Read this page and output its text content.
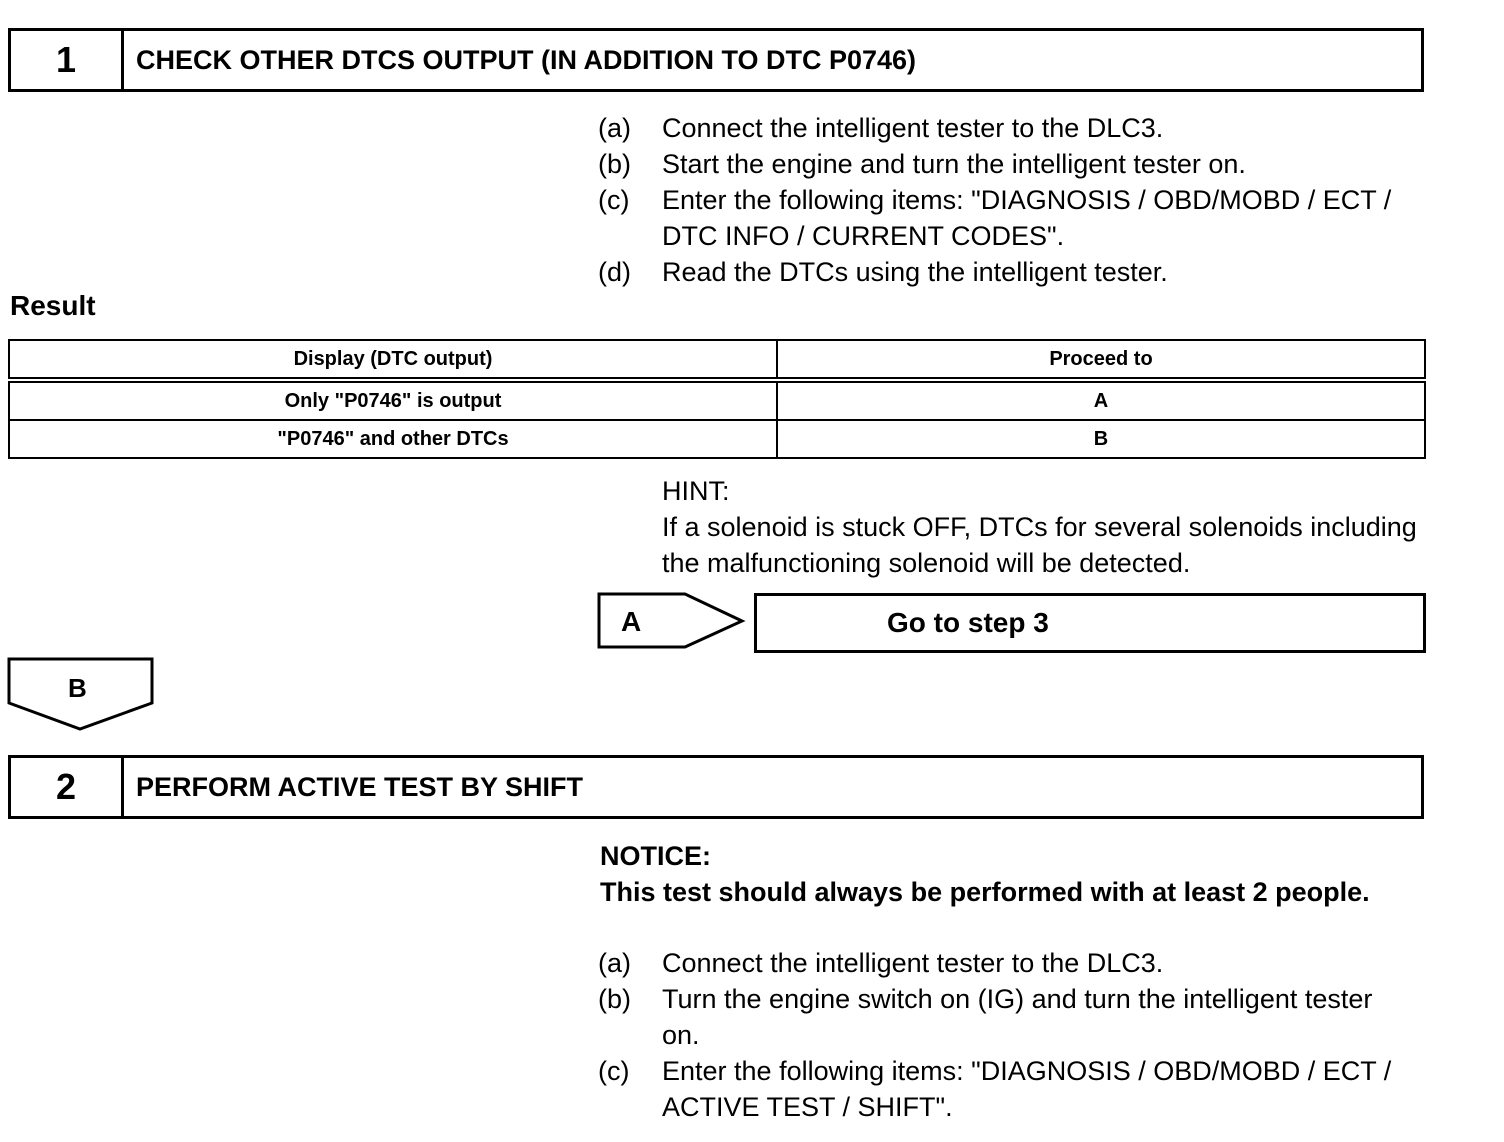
1	CHECK OTHER DTCS OUTPUT (IN ADDITION TO DTC P0746)
(a)	Connect the intelligent tester to the DLC3.
(b)	Start the engine and turn the intelligent tester on.
(c)	Enter the following items: "DIAGNOSIS / OBD/MOBD / ECT / DTC INFO / CURRENT CODES".
(d)	Read the DTCs using the intelligent tester.
Result
Display (DTC output)	Proceed to
Only "P0746" is output	A
"P0746" and other DTCs	B
HINT:
If a solenoid is stuck OFF, DTCs for several solenoids including the malfunctioning solenoid will be detected.
A	Go to step 3
B
2	PERFORM ACTIVE TEST BY SHIFT
NOTICE:
This test should always be performed with at least 2 people.
(a)	Connect the intelligent tester to the DLC3.
(b)	Turn the engine switch on (IG) and turn the intelligent tester on.
(c)	Enter the following items: "DIAGNOSIS / OBD/MOBD / ECT / ACTIVE TEST / SHIFT".
